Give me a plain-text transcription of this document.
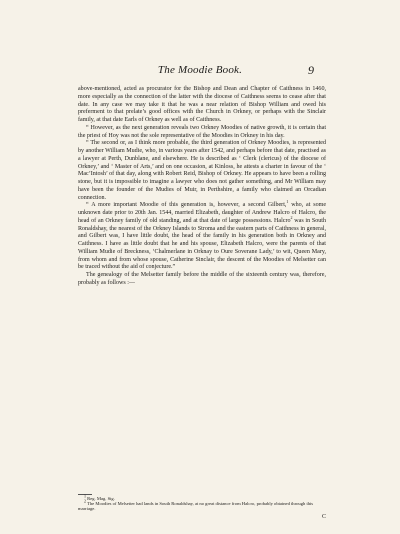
The Moodie Book.	9

above-mentioned, acted as procurator for the Bishop and Dean and Chapter of Caithness in 1460, more especially as the connection of the latter with the diocese of Caithness seems to cease after that date. In any case we may take it that he was a near relation of Bishop William and owed his preferment to that prelate’s good offices with the Church in Orkney, or perhaps with the Sinclair family, at that date Earls of Orkney as well as of Caithness.

“ However, as the next generation reveals two Orkney Moodies of native growth, it is certain that the priest of Hoy was not the sole representative of the Moodies in Orkney in his day.

“ The second or, as I think more probable, the third generation of Orkney Moodies, is represented by another William Mudie, who, in various years after 1542, and perhaps before that date, practised as a lawyer at Perth, Dunblane, and elsewhere. He is described as ‘ Clerk (clericus) of the diocese of Orkney,’ and ‘ Master of Arts,’ and on one occasion, at Kinloss, he attests a charter in favour of the ‘ Mac’Intosh’ of that day, along with Robert Reid, Bishop of Orkney. He appears to have been a rolling stone, but it is impossible to imagine a lawyer who does not gather something, and Mr William may have been the founder of the Mudies of Muir, in Perthshire, a family who claimed an Orcadian connection.

“ A more important Moodie of this generation is, however, a second Gilbert,$^1$ who, at some unknown date prior to 20th Jan. 1544, married Elizabeth, daughter of Andrew Halcro of Halcro, the head of an Orkney family of old standing, and at that date of large possessions. Halcro$^2$ was in South Ronaldshay, the nearest of the Orkney Islands to Stroma and the eastern parts of Caithness in general, and Gilbert was, I have little doubt, the head of the family in his generation both in Orkney and Caithness. I have as little doubt that he and his spouse, Elizabeth Halcro, were the parents of that William Mudie of Breckness, ‘Chalmerlane in Orknay to Oure Soverane Lady,’ to wit, Queen Mary, from whom and from whose spouse, Catherine Sinclair, the descent of the Moodies of Melsetter can be traced without the aid of conjecture.”

The genealogy of the Melsetter family before the middle of the sixteenth century was, therefore, probably as follows :—

$^1$ Reg. Mag. Sig.

$^2$ The Moodies of Melsetter had lands in South Ronaldshay, at no great distance from Halcro, probably obtained through this marriage.

C
